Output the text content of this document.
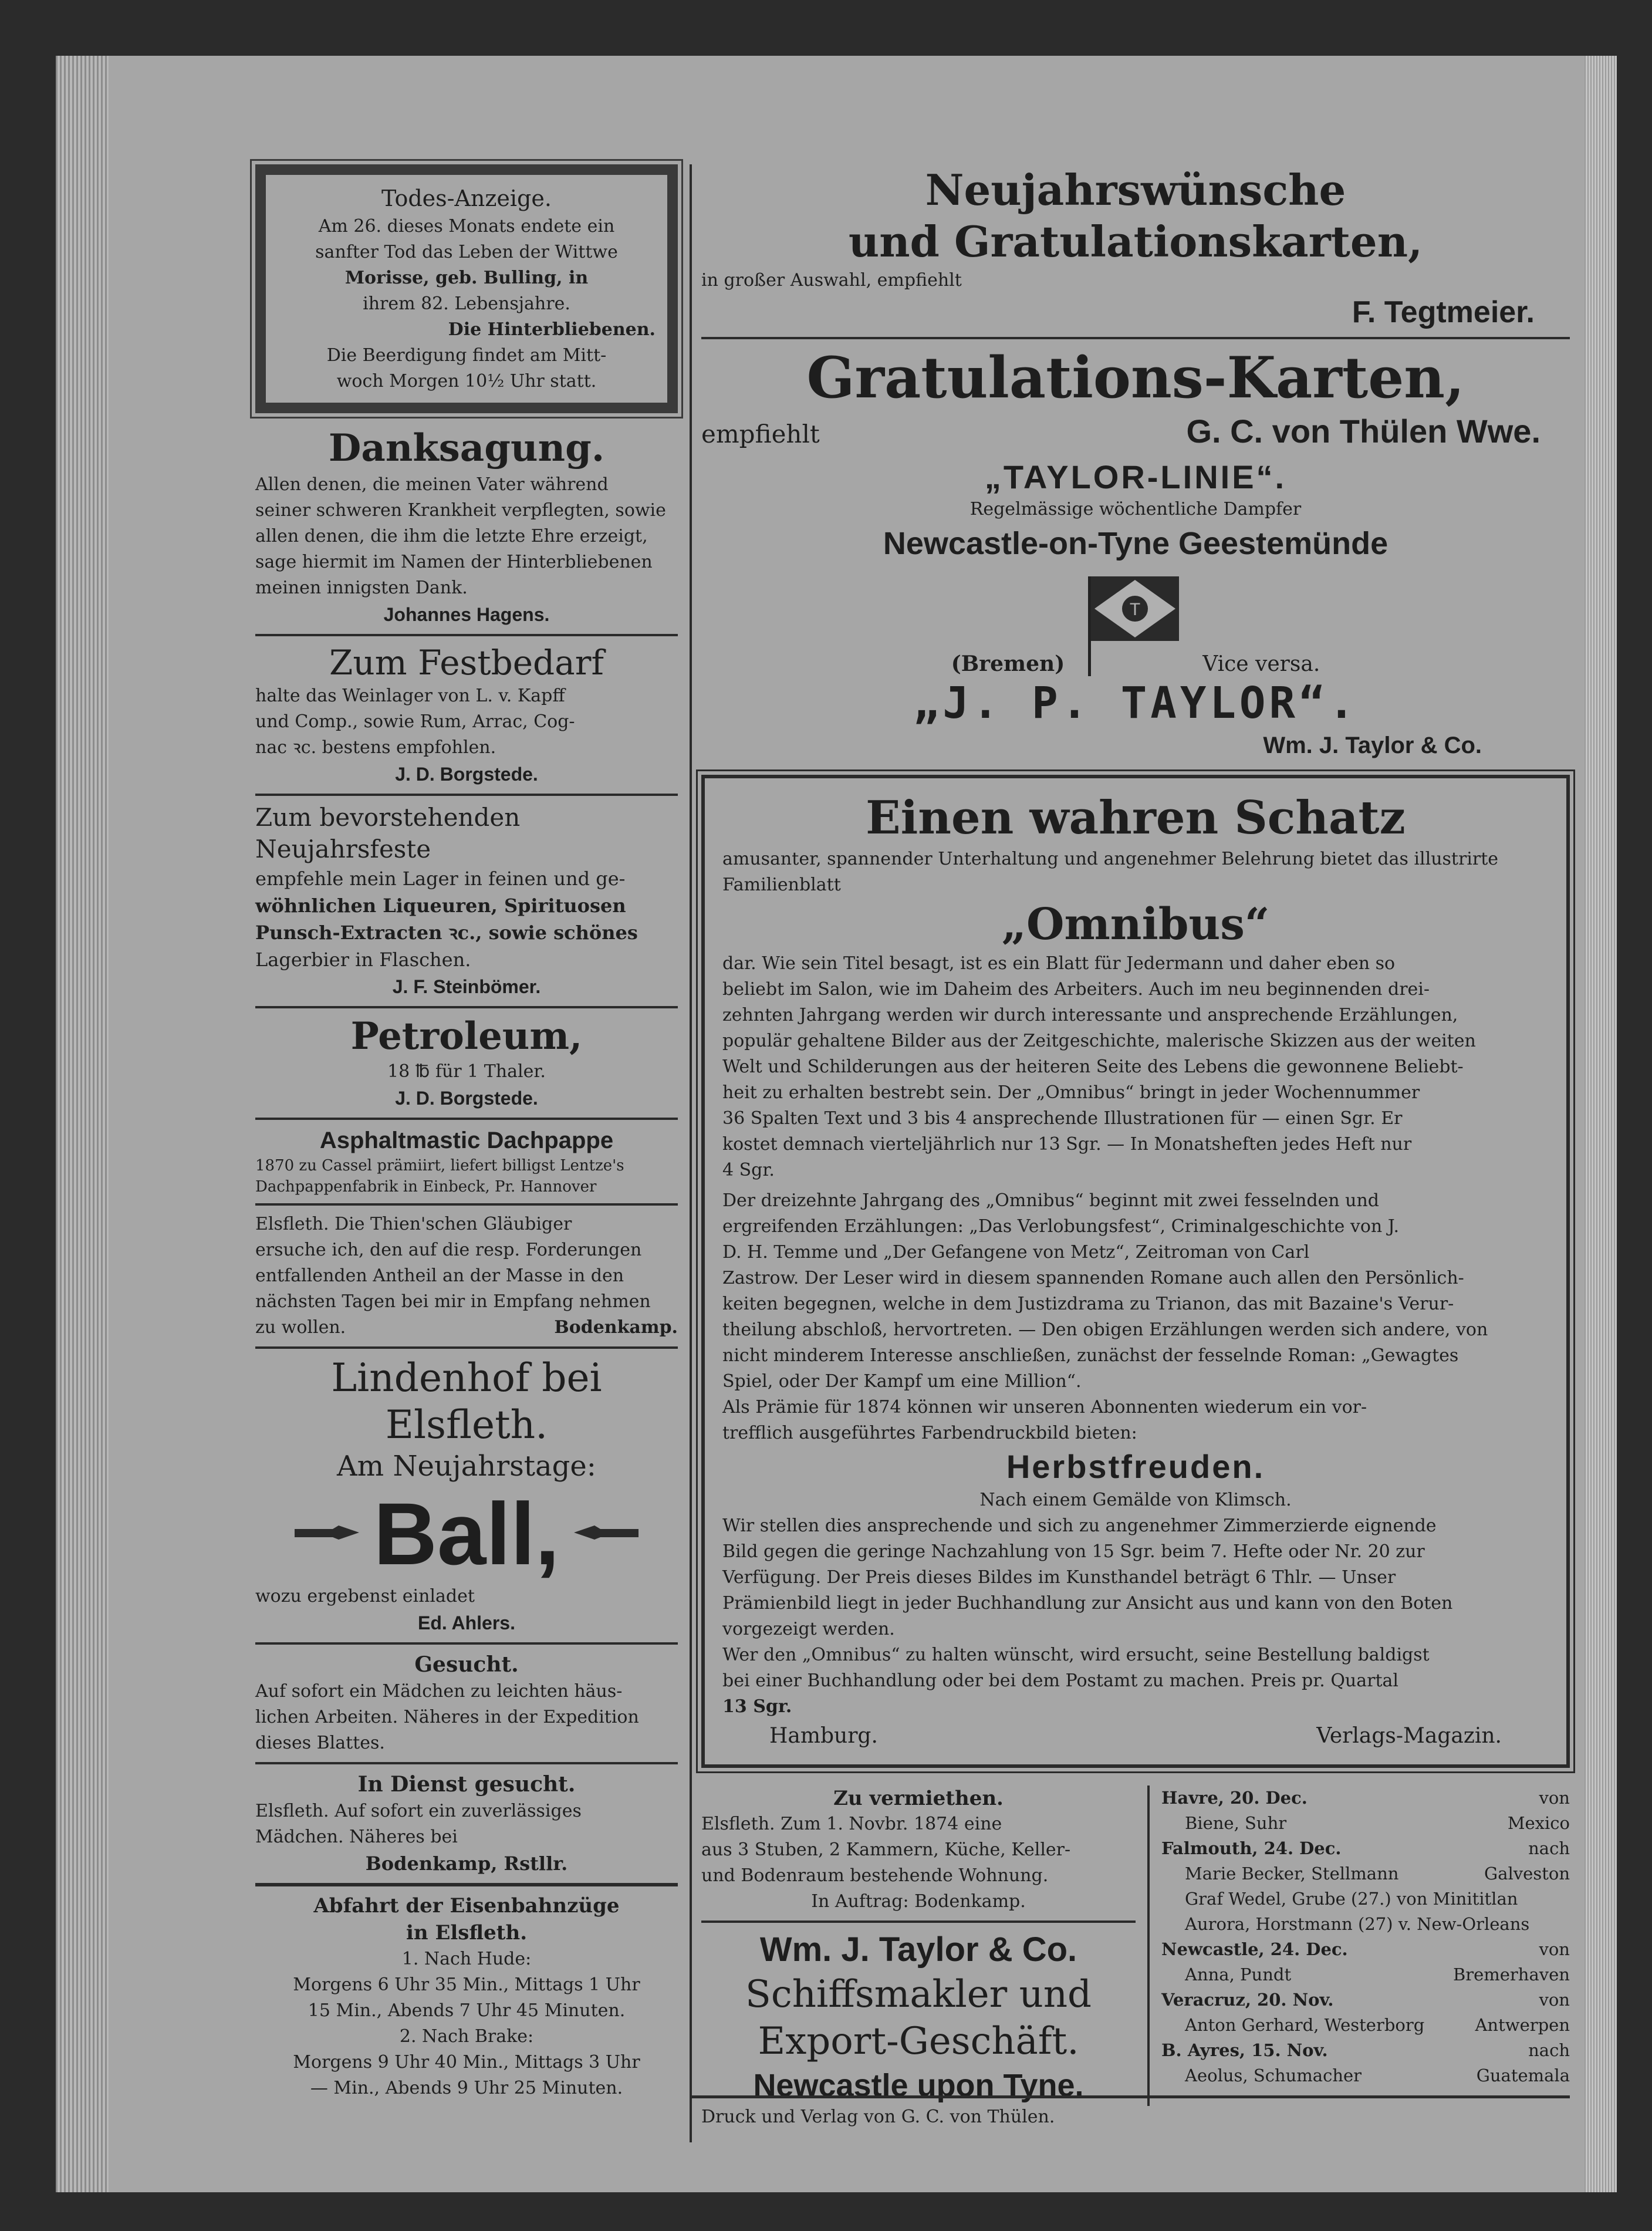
Todes-Anzeige.

Am 26. dieses Monats endete ein

sanfter Tod das Leben der Wittwe

Morisse, geb. Bulling, in

ihrem 82. Lebensjahre.

Die Hinterbliebenen.

Die Beerdigung findet am Mitt-

woch Morgen 10½ Uhr statt.

Danksagung.

Allen denen, die meinen Vater während

seiner schweren Krankheit verpflegten, sowie

allen denen, die ihm die letzte Ehre erzeigt,

sage hiermit im Namen der Hinterbliebenen

meinen innigsten Dank.

Johannes Hagens.

Zum Festbedarf

halte das Weinlager von L. v. Kapff

und Comp., sowie Rum, Arrac, Cog-

nac ꝛc. bestens empfohlen.

J. D. Borgstede.

Zum bevorstehenden Neujahrsfeste

empfehle mein Lager in feinen und ge-

wöhnlichen Liqueuren, Spirituosen

Punsch-Extracten ꝛc., sowie schönes

Lagerbier in Flaschen.

J. F. Steinbömer.

Petroleum,

18 ℔ für 1 Thaler.

J. D. Borgstede.

Asphaltmastic Dachpappe

1870 zu Cassel prämiirt, liefert billigst Lentze's

Dachpappenfabrik in Einbeck, Pr. Hannover

Elsfleth. Die Thien'schen Gläubiger

ersuche ich, den auf die resp. Forderungen

entfallenden Antheil an der Masse in den

nächsten Tagen bei mir in Empfang nehmen

zu wollen.	Bodenkamp.

Lindenhof bei Elsfleth.

Am Neujahrstage:

Ball,

wozu ergebenst einladet

Ed. Ahlers.

Gesucht.

Auf sofort ein Mädchen zu leichten häus-

lichen Arbeiten. Näheres in der Expedition

dieses Blattes.

In Dienst gesucht.

Elsfleth. Auf sofort ein zuverlässiges

Mädchen. Näheres bei

Bodenkamp, Rstllr.

Abfahrt der Eisenbahnzüge

in Elsfleth.

1. Nach Hude:

Morgens 6 Uhr 35 Min., Mittags 1 Uhr

15 Min., Abends 7 Uhr 45 Minuten.

2. Nach Brake:

Morgens 9 Uhr 40 Min., Mittags 3 Uhr

— Min., Abends 9 Uhr 25 Minuten.

Neujahrswünsche

und Gratulationskarten,

in großer Auswahl, empfiehlt

F. Tegtmeier.

Gratulations-Karten,

empfiehlt	G. C. von Thülen Wwe.

„TAYLOR-LINIE“.

Regelmässige wöchentliche Dampfer

Newcastle-on-Tyne Geestemünde

(Bremen)
T
Vice versa.

„J. P. TAYLOR“.

Wm. J. Taylor & Co.

Einen wahren Schatz

amusanter, spannender Unterhaltung und angenehmer Belehrung bietet das illustrirte

Familienblatt

„Omnibus“

dar. Wie sein Titel besagt, ist es ein Blatt für Jedermann und daher eben so

beliebt im Salon, wie im Daheim des Arbeiters. Auch im neu beginnenden drei-

zehnten Jahrgang werden wir durch interessante und ansprechende Erzählungen,

populär gehaltene Bilder aus der Zeitgeschichte, malerische Skizzen aus der weiten

Welt und Schilderungen aus der heiteren Seite des Lebens die gewonnene Beliebt-

heit zu erhalten bestrebt sein. Der „Omnibus“ bringt in jeder Wochennummer

36 Spalten Text und 3 bis 4 ansprechende Illustrationen für — einen Sgr. Er

kostet demnach vierteljährlich nur 13 Sgr. — In Monatsheften jedes Heft nur

4 Sgr.

Der dreizehnte Jahrgang des „Omnibus“ beginnt mit zwei fesselnden und

ergreifenden Erzählungen: „Das Verlobungsfest“, Criminalgeschichte von J.

D. H. Temme und „Der Gefangene von Metz“, Zeitroman von Carl

Zastrow. Der Leser wird in diesem spannenden Romane auch allen den Persönlich-

keiten begegnen, welche in dem Justizdrama zu Trianon, das mit Bazaine's Verur-

theilung abschloß, hervortreten. — Den obigen Erzählungen werden sich andere, von

nicht minderem Interesse anschließen, zunächst der fesselnde Roman: „Gewagtes

Spiel, oder Der Kampf um eine Million“.

Als Prämie für 1874 können wir unseren Abonnenten wiederum ein vor-

trefflich ausgeführtes Farbendruckbild bieten:

Herbstfreuden.

Nach einem Gemälde von Klimsch.

Wir stellen dies ansprechende und sich zu angenehmer Zimmerzierde eignende

Bild gegen die geringe Nachzahlung von 15 Sgr. beim 7. Hefte oder Nr. 20 zur

Verfügung. Der Preis dieses Bildes im Kunsthandel beträgt 6 Thlr. — Unser

Prämienbild liegt in jeder Buchhandlung zur Ansicht aus und kann von den Boten

vorgezeigt werden.

Wer den „Omnibus“ zu halten wünscht, wird ersucht, seine Bestellung baldigst

bei einer Buchhandlung oder bei dem Postamt zu machen. Preis pr. Quartal

13 Sgr.

Hamburg.	Verlags-Magazin.

Zu vermiethen.

Elsfleth. Zum 1. Novbr. 1874 eine

aus 3 Stuben, 2 Kammern, Küche, Keller-

und Bodenraum bestehende Wohnung.

In Auftrag: Bodenkamp.

Wm. J. Taylor & Co.

Schiffsmakler und

Export-Geschäft.

Newcastle upon Tyne.

Havre, 20. Dec.	von
Biene, Suhr	Mexico
Falmouth, 24. Dec.	nach
Marie Becker, Stellmann	Galveston
Graf Wedel, Grube (27.) von Minititlan
Aurora, Horstmann (27) v. New-Orleans
Newcastle, 24. Dec.	von
Anna, Pundt	Bremerhaven
Veracruz, 20. Nov.	von
Anton Gerhard, Westerborg	Antwerpen
B. Ayres, 15. Nov.	nach
Aeolus, Schumacher	Guatemala

Druck und Verlag von G. C. von Thülen.
